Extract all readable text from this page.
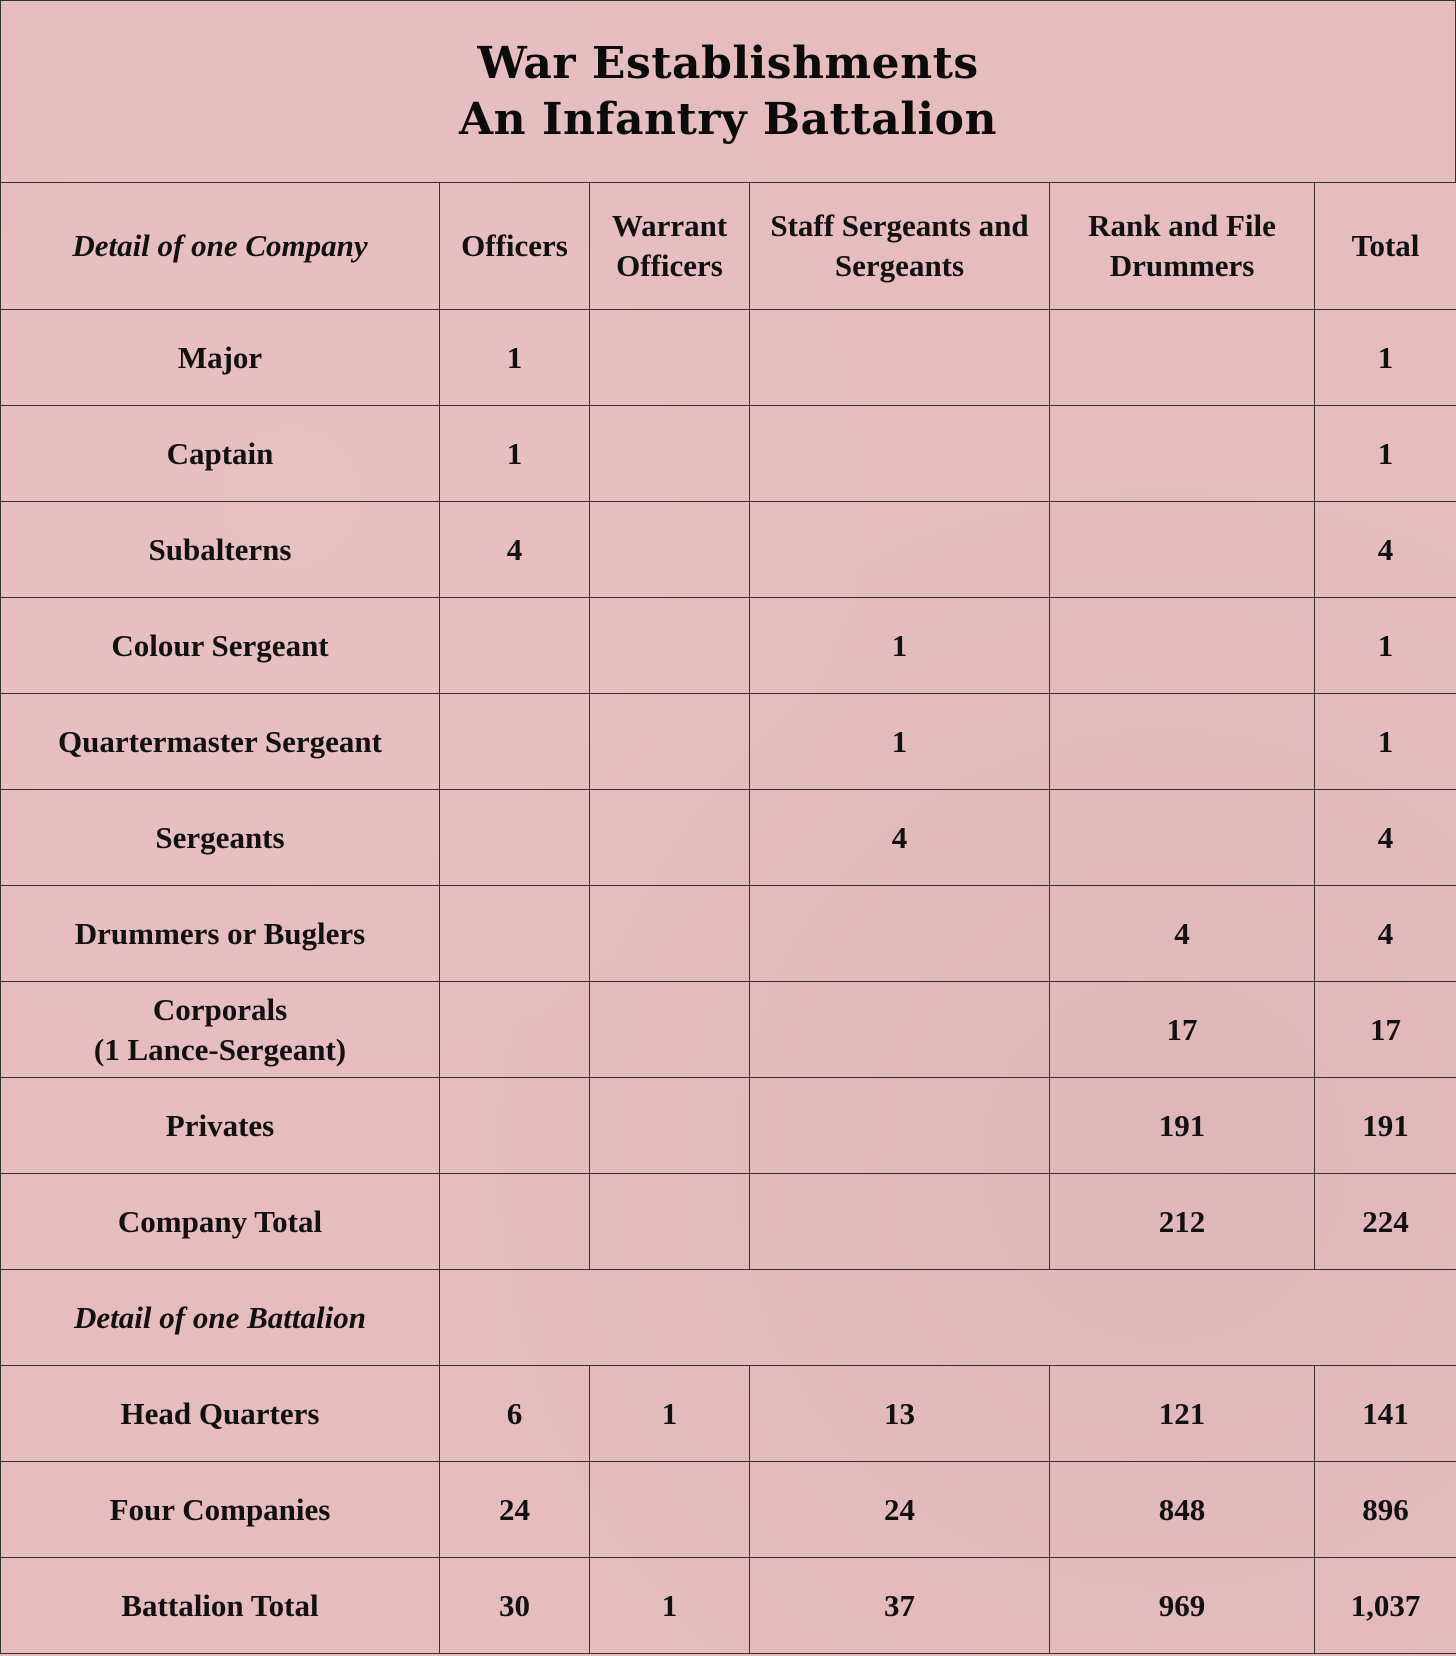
War Establishments
An Infantry Battalion
Detail of one Company	Officers	Warrant Officers	Staff Sergeants and Sergeants	Rank and File Drummers	Total
Major	1				1
Captain	1				1
Subalterns	4				4
Colour Sergeant			1		1
Quartermaster Sergeant			1		1
Sergeants			4		4
Drummers or Buglers				4	4
Corporals
(1 Lance-Sergeant)				17	17
Privates				191	191
Company Total				212	224
Detail of one Battalion					
Head Quarters	6	1	13	121	141
Four Companies	24		24	848	896
Battalion Total	30	1	37	969	1,037
